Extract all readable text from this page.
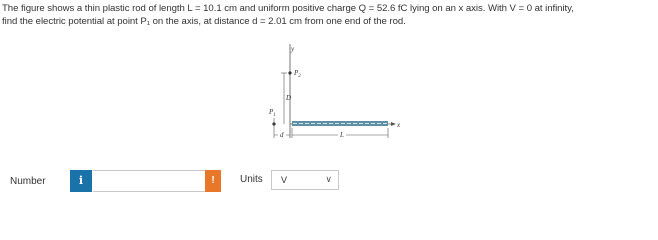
The figure shows a thin plastic rod of length L = 10.1 cm and uniform positive charge Q = 52.6 fC lying on an x axis. With V = 0 at infinity,

find the electric potential at point P₁ on the axis, at distance d = 2.01 cm from one end of the rod.

y
x
$P_2$
D
$P_1$
d	L
Number	i	!	Units V	∨
